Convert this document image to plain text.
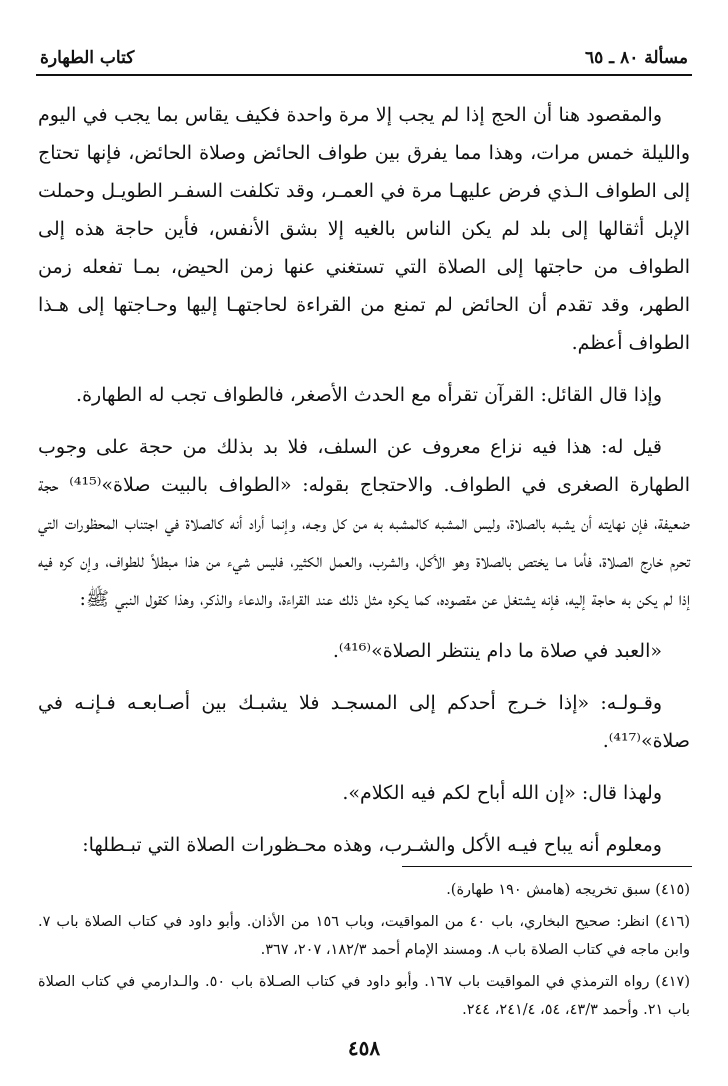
مسألة ٨٠ ـ ٦٥
كتاب الطهارة

والمقصود هنا أن الحج إذا لم يجب إلا مرة واحدة فكيف يقاس بما يجب في اليوم والليلة خمس مرات، وهذا مما يفرق بين طواف الحائض وصلاة الحائض، فإنها تحتاج إلى الطواف الـذي فرض عليهـا مرة في العمـر، وقد تكلفت السفـر الطويـل وحملت الإبل أثقالها إلى بلد لم يكن الناس بالغيه إلا بشق الأنفس، فأين حاجة هذه إلى الطواف من حاجتها إلى الصلاة التي تستغني عنها زمن الحيض، بمـا تفعله زمن الطهر، وقد تقدم أن الحائض لم تمنع من القراءة لحاجتهـا إليها وحـاجتها إلى هـذا الطواف أعظم.

وإذا قال القائل: القرآن تقرأه مع الحدث الأصغر، فالطواف تجب له الطهارة.

قيل له: هذا فيه نزاع معروف عن السلف، فلا بد بذلك من حجة على وجوب الطهارة الصغرى في الطواف. والاحتجاج بقوله: «الطواف بالبيت صلاة»⁽⁴¹⁵⁾ حجة ضعيفة، فإن نهايته أن يشبه بالصلاة، وليس المشبه كالمشبه به من كل وجـه، وإنما أراد أنه كالصلاة في اجتناب المحظورات التي تحرم خارج الصلاة، فأما مـا يختص بالصلاة وهو الأكل، والشرب، والعمل الكثير، فليس شيء من هذا مبطلاً للطواف، وإن كره فيه إذا لم يكن به حاجة إليه، فإنه يشتغل عن مقصوده، كما يكره مثل ذلك عند القراءة، والدعاء والذكر، وهذا كقول النبي ﷺ:

«العبد في صلاة ما دام ينتظر الصلاة»⁽⁴¹⁶⁾.

وقـولـه: «إذا خـرج أحدكم إلى المسجـد فلا يشبـك بين أصـابعـه فـإنـه في صلاة»⁽⁴¹⁷⁾.

ولهذا قال: «إن الله أباح لكم فيه الكلام».

ومعلوم أنه يباح فيـه الأكل والشـرب، وهذه محـظورات الصلاة التي تبـطلها:

(٤١٥) سبق تخريجه (هامش ١٩٠ طهارة).

(٤١٦) انظر: صحيح البخاري، باب ٤٠ من المواقيت، وباب ١٥٦ من الأذان. وأبو داود في كتاب الصلاة باب ٧. وابن ماجه في كتاب الصلاة باب ٨. ومسند الإمام أحمد ١٨٢/٣، ٢٠٧، ٣٦٧.

(٤١٧) رواه الترمذي في المواقيت باب ١٦٧. وأبو داود في كتاب الصـلاة باب ٥٠. والـدارمي في كتاب الصلاة باب ٢١. وأحمد ٤٣/٣، ٥٤، ٢٤١/٤، ٢٤٤.

٤٥٨
